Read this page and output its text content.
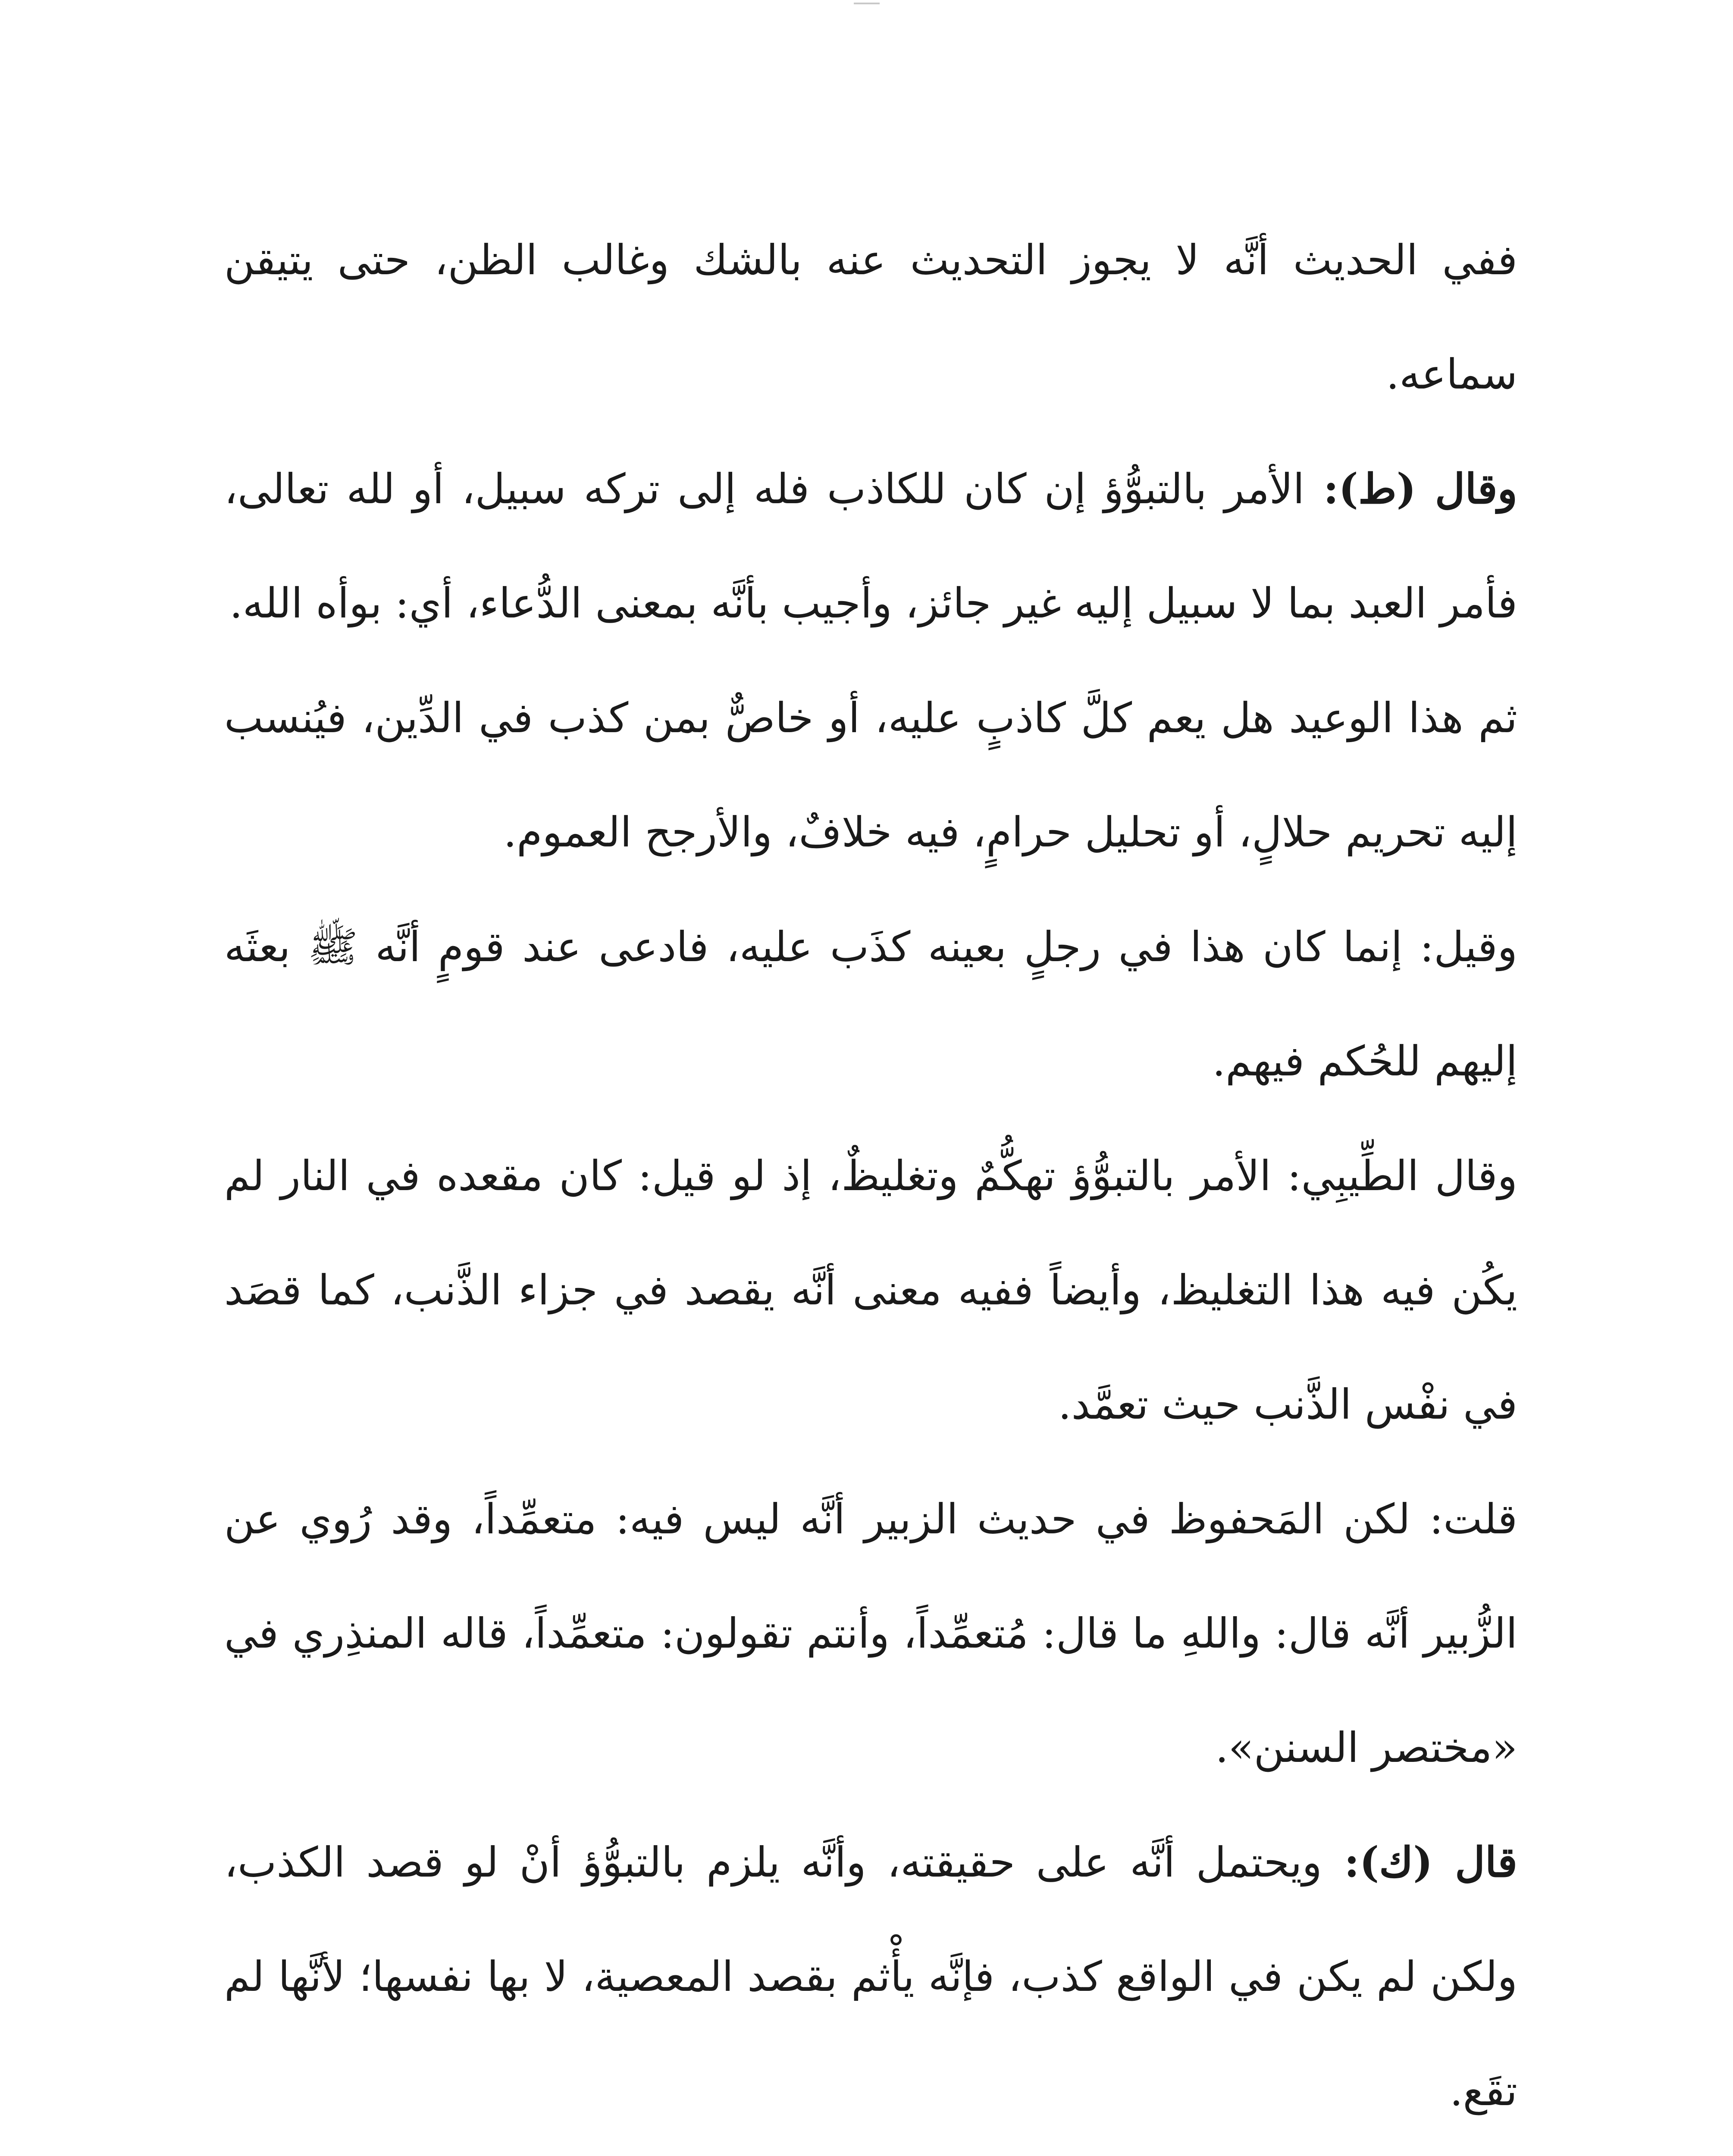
ففي الحديث أنَّه لا يجوز التحديث عنه بالشك وغالب الظن، حتى يتيقن سماعه.

وقال (ط): الأمر بالتبوُّؤ إن كان للكاذب فله إلى تركه سبيل، أو لله تعالى، فأمر العبد بما لا سبيل إليه غير جائز، وأجيب بأنَّه بمعنى الدُّعاء، أي: بوأه الله.

ثم هذا الوعيد هل يعم كلَّ كاذبٍ عليه، أو خاصٌّ بمن كذب في الدِّين، فيُنسب إليه تحريم حلالٍ، أو تحليل حرامٍ، فيه خلافٌ، والأرجح العموم.

وقيل: إنما كان هذا في رجلٍ بعينه كذَب عليه، فادعى عند قومٍ أنَّه ﷺ بعثَه إليهم للحُكم فيهم.

وقال الطِّيبِي: الأمر بالتبوُّؤ تهكُّمٌ وتغليظٌ، إذ لو قيل: كان مقعده في النار لم يكُن فيه هذا التغليظ، وأيضاً ففيه معنى أنَّه يقصد في جزاء الذَّنب، كما قصَد في نفْس الذَّنب حيث تعمَّد.

قلت: لكن المَحفوظ في حديث الزبير أنَّه ليس فيه: متعمِّداً، وقد رُوي عن الزُّبير أنَّه قال: واللهِ ما قال: مُتعمِّداً، وأنتم تقولون: متعمِّداً، قاله المنذِري في «مختصر السنن».

قال (ك): ويحتمل أنَّه على حقيقته، وأنَّه يلزم بالتبوُّؤ أنْ لو قصد الكذب، ولكن لم يكن في الواقع كذب، فإنَّه يأْثم بقصد المعصية، لا بها نفسها؛ لأنَّها لم تقَع.
